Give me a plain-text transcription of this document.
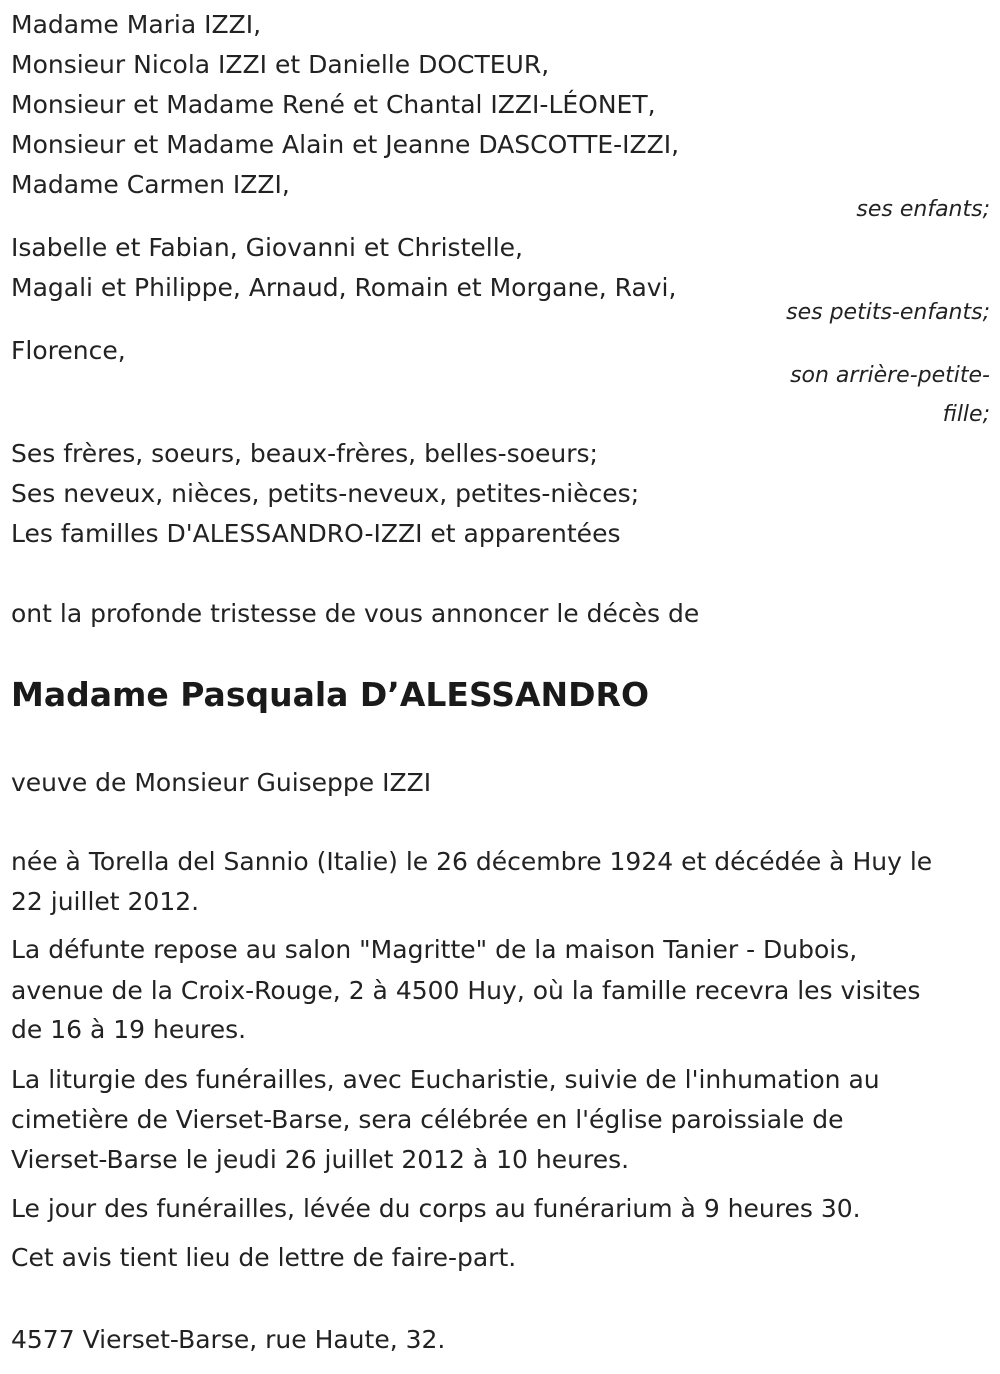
Madame Maria IZZI,
Monsieur Nicola IZZI et Danielle DOCTEUR,
Monsieur et Madame René et Chantal IZZI-LÉONET,
Monsieur et Madame Alain et Jeanne DASCOTTE-IZZI,
Madame Carmen IZZI,
ses enfants;
Isabelle et Fabian, Giovanni et Christelle,
Magali et Philippe, Arnaud, Romain et Morgane, Ravi,
ses petits-enfants;
Florence,
son arrière-petite-
fille;
Ses frères, soeurs, beaux-frères, belles-soeurs;
Ses neveux, nièces, petits-neveux, petites-nièces;
Les familles D'ALESSANDRO-IZZI et apparentées
ont la profonde tristesse de vous annoncer le décès de
Madame Pasquala D’ALESSANDRO
veuve de Monsieur Guiseppe IZZI
née à Torella del Sannio (Italie) le 26 décembre 1924 et décédée à Huy le
22 juillet 2012.
La défunte repose au salon "Magritte" de la maison Tanier - Dubois,
avenue de la Croix-Rouge, 2 à 4500 Huy, où la famille recevra les visites
de 16 à 19 heures.
La liturgie des funérailles, avec Eucharistie, suivie de l'inhumation au
cimetière de Vierset-Barse, sera célébrée en l'église paroissiale de
Vierset-Barse le jeudi 26 juillet 2012 à 10 heures.
Le jour des funérailles, lévée du corps au funérarium à 9 heures 30.
Cet avis tient lieu de lettre de faire-part.
4577 Vierset-Barse, rue Haute, 32.
